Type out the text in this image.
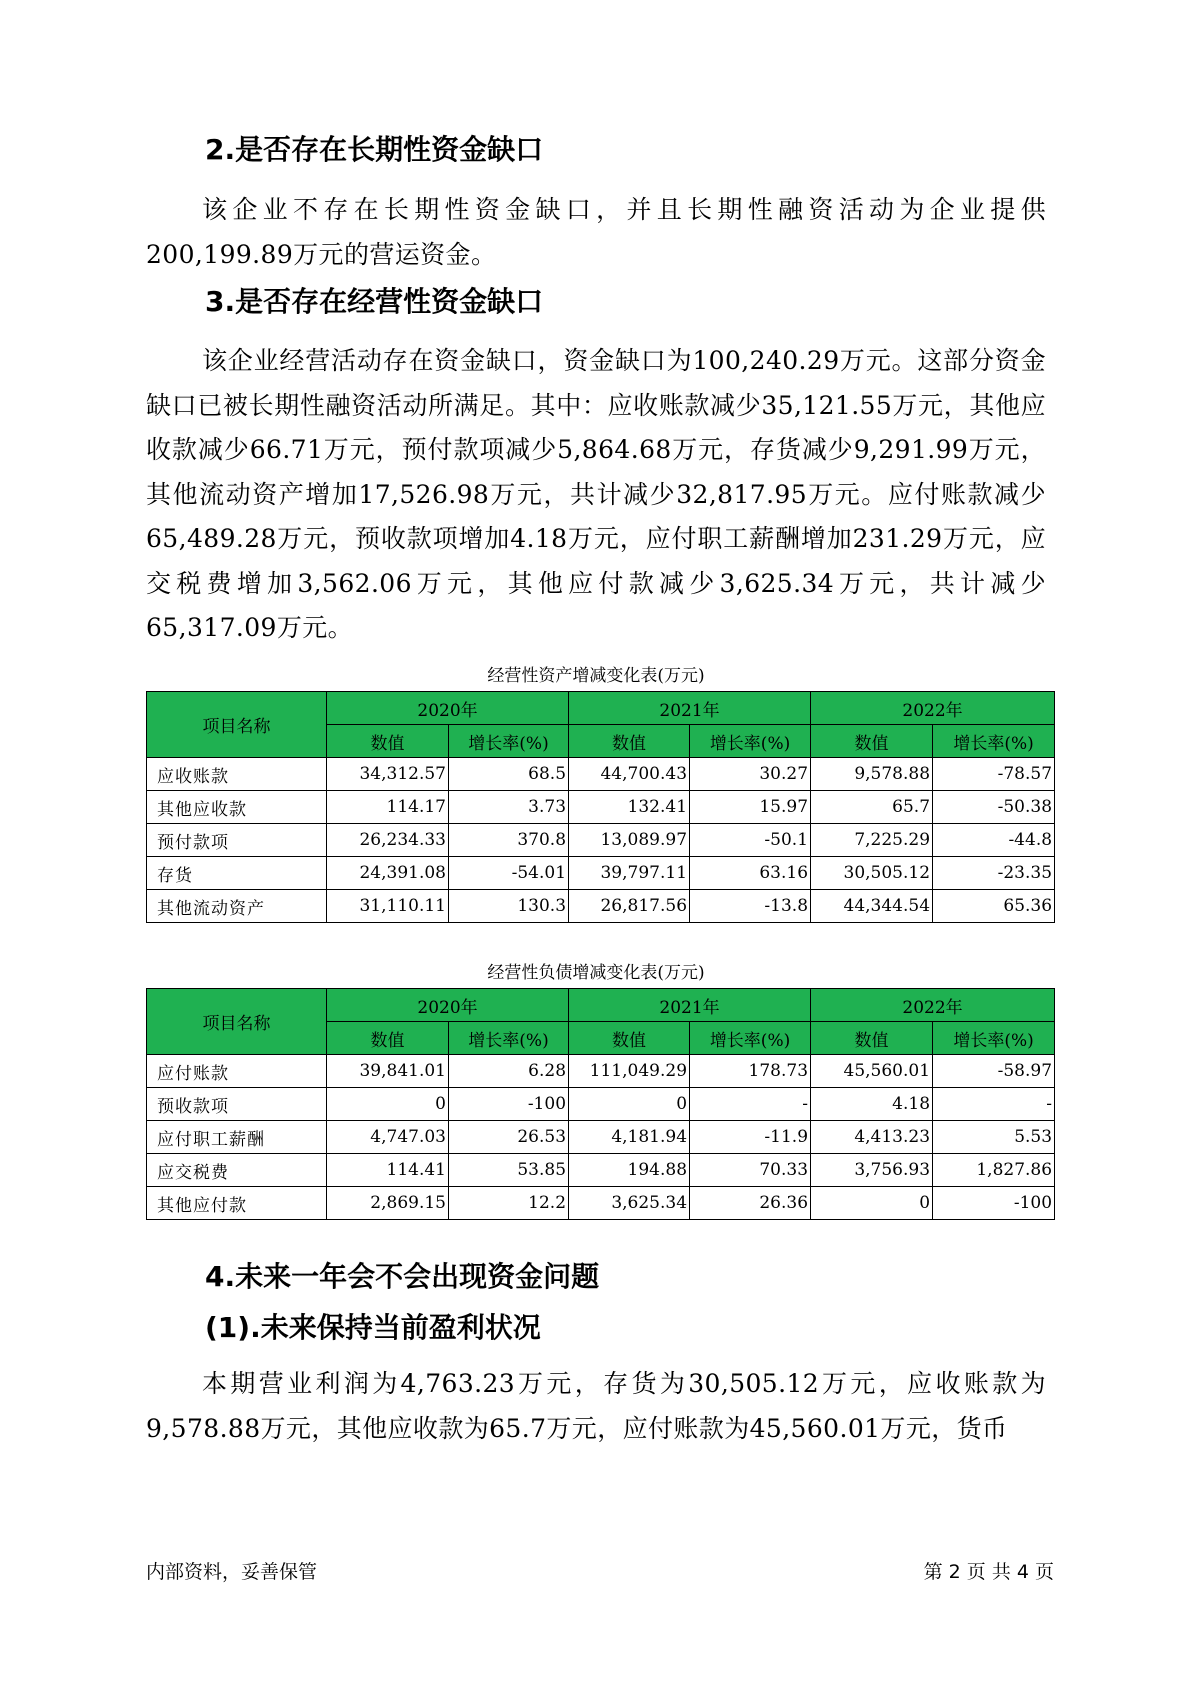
2.是否存在长期性资金缺口

该企业不存在长期性资金缺口，并且长期性融资活动为企业提供200,199.89万元的营运资金。

3.是否存在经营性资金缺口

该企业经营活动存在资金缺口，资金缺口为100,240.29万元。这部分资金缺口已被长期性融资活动所满足。其中：应收账款减少35,121.55万元，其他应收款减少66.71万元，预付款项减少5,864.68万元，存货减少9,291.99万元，其他流动资产增加17,526.98万元，共计减少32,817.95万元。应付账款减少65,489.28万元，预收款项增加4.18万元，应付职工薪酬增加231.29万元，应交税费增加3,562.06万元，其他应付款减少3,625.34万元，共计减少65,317.09万元。

经营性资产增减变化表(万元)

项目名称	2020年		2021年		2022年	
	数值	增长率(%)	数值	增长率(%)	数值	增长率(%)
应收账款	34,312.57	68.5	44,700.43	30.27	9,578.88	-78.57
其他应收款	114.17	3.73	132.41	15.97	65.7	-50.38
预付款项	26,234.33	370.8	13,089.97	-50.1	7,225.29	-44.8
存货	24,391.08	-54.01	39,797.11	63.16	30,505.12	-23.35
其他流动资产	31,110.11	130.3	26,817.56	-13.8	44,344.54	65.36

经营性负债增减变化表(万元)

项目名称	2020年		2021年		2022年	
	数值	增长率(%)	数值	增长率(%)	数值	增长率(%)
应付账款	39,841.01	6.28	111,049.29	178.73	45,560.01	-58.97
预收款项	0	-100	0	-	4.18	-
应付职工薪酬	4,747.03	26.53	4,181.94	-11.9	4,413.23	5.53
应交税费	114.41	53.85	194.88	70.33	3,756.93	1,827.86
其他应付款	2,869.15	12.2	3,625.34	26.36	0	-100
4.未来一年会不会出现资金问题
(1).未来保持当前盈利状况

本期营业利润为4,763.23万元，存货为30,505.12万元，应收账款为9,578.88万元，其他应收款为65.7万元，应付账款为45,560.01万元，货币

内部资料，妥善保管	第 2 页 共 4 页
